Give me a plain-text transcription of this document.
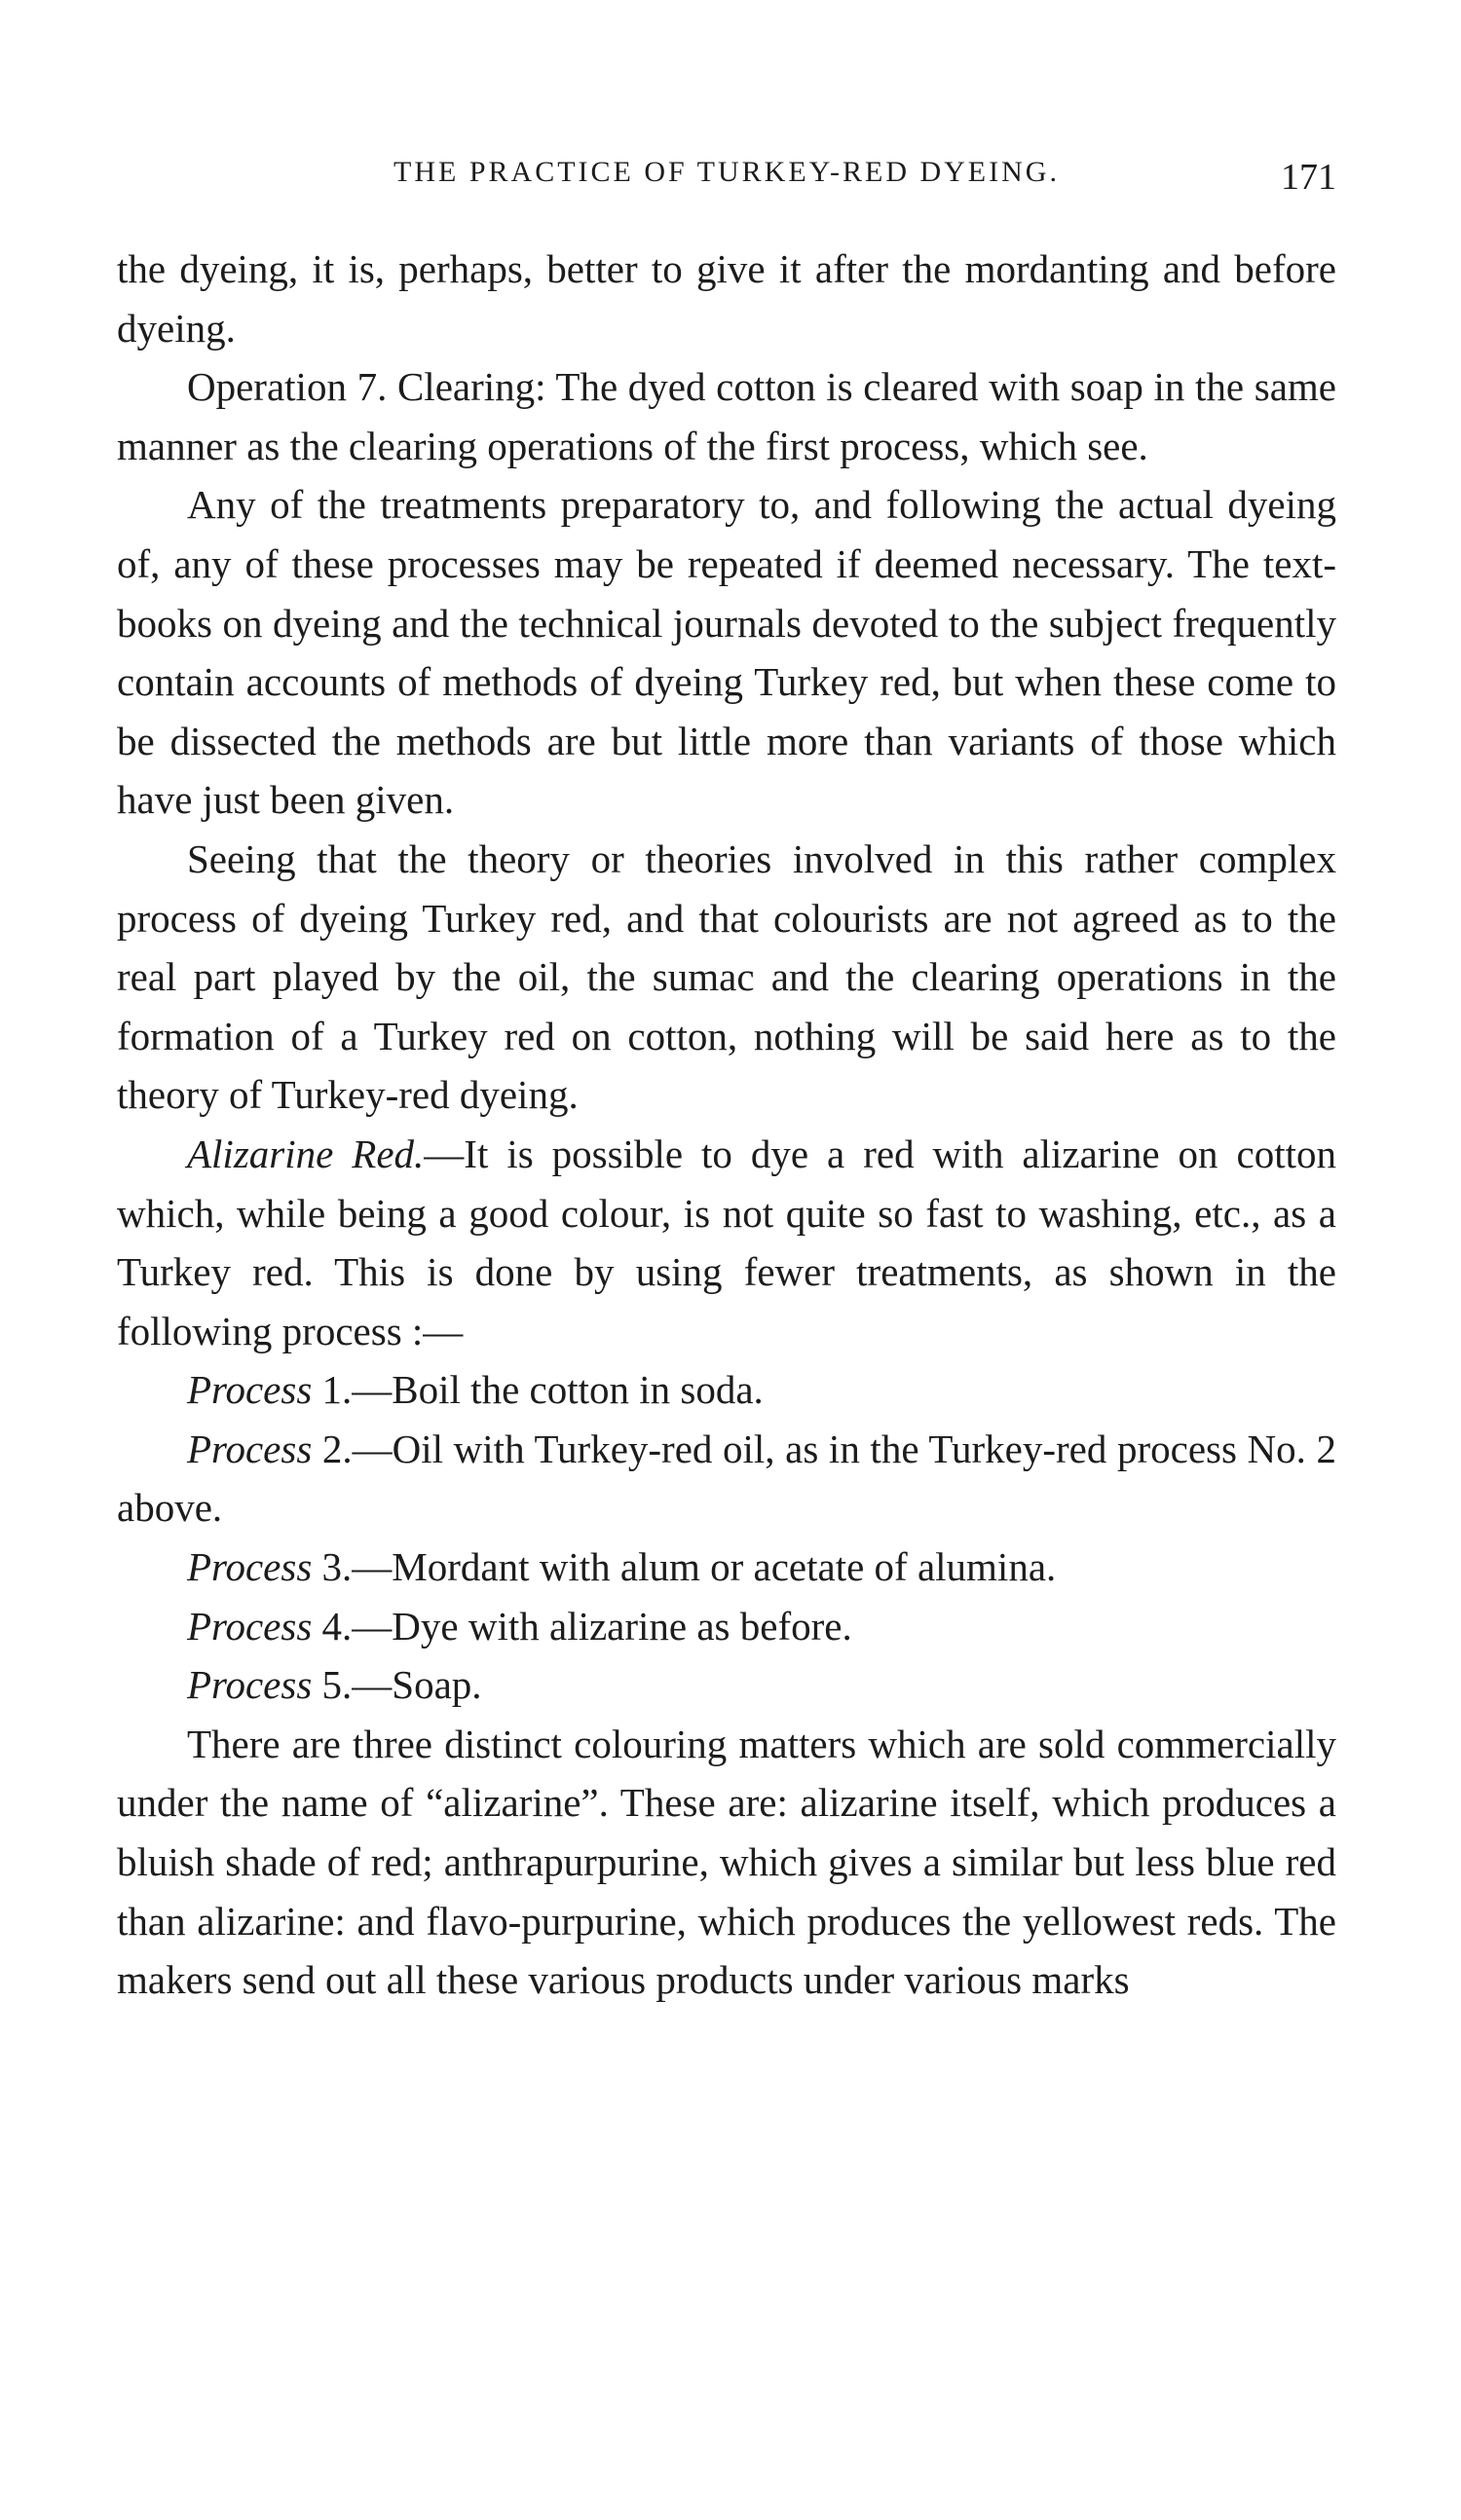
THE PRACTICE OF TURKEY-RED DYEING.	171

the dyeing, it is, perhaps, better to give it after the mordanting and before dyeing.

Operation 7. Clearing: The dyed cotton is cleared with soap in the same manner as the clearing operations of the first process, which see.

Any of the treatments preparatory to, and following the actual dyeing of, any of these processes may be repeated if deemed necessary. The text-books on dyeing and the technical journals devoted to the subject frequently contain accounts of methods of dyeing Turkey red, but when these come to be dissected the methods are but little more than variants of those which have just been given.

Seeing that the theory or theories involved in this rather complex process of dyeing Turkey red, and that colourists are not agreed as to the real part played by the oil, the sumac and the clearing operations in the formation of a Turkey red on cotton, nothing will be said here as to the theory of Turkey-red dyeing.

Alizarine Red.—It is possible to dye a red with alizarine on cotton which, while being a good colour, is not quite so fast to washing, etc., as a Turkey red. This is done by using fewer treatments, as shown in the following process :—

Process 1.—Boil the cotton in soda.

Process 2.—Oil with Turkey-red oil, as in the Turkey-red process No. 2 above.

Process 3.—Mordant with alum or acetate of alumina.

Process 4.—Dye with alizarine as before.

Process 5.—Soap.

There are three distinct colouring matters which are sold commercially under the name of “alizarine”. These are: alizarine itself, which produces a bluish shade of red; anthrapurpurine, which gives a similar but less blue red than alizarine: and flavo-purpurine, which produces the yellowest reds. The makers send out all these various products under various marks
